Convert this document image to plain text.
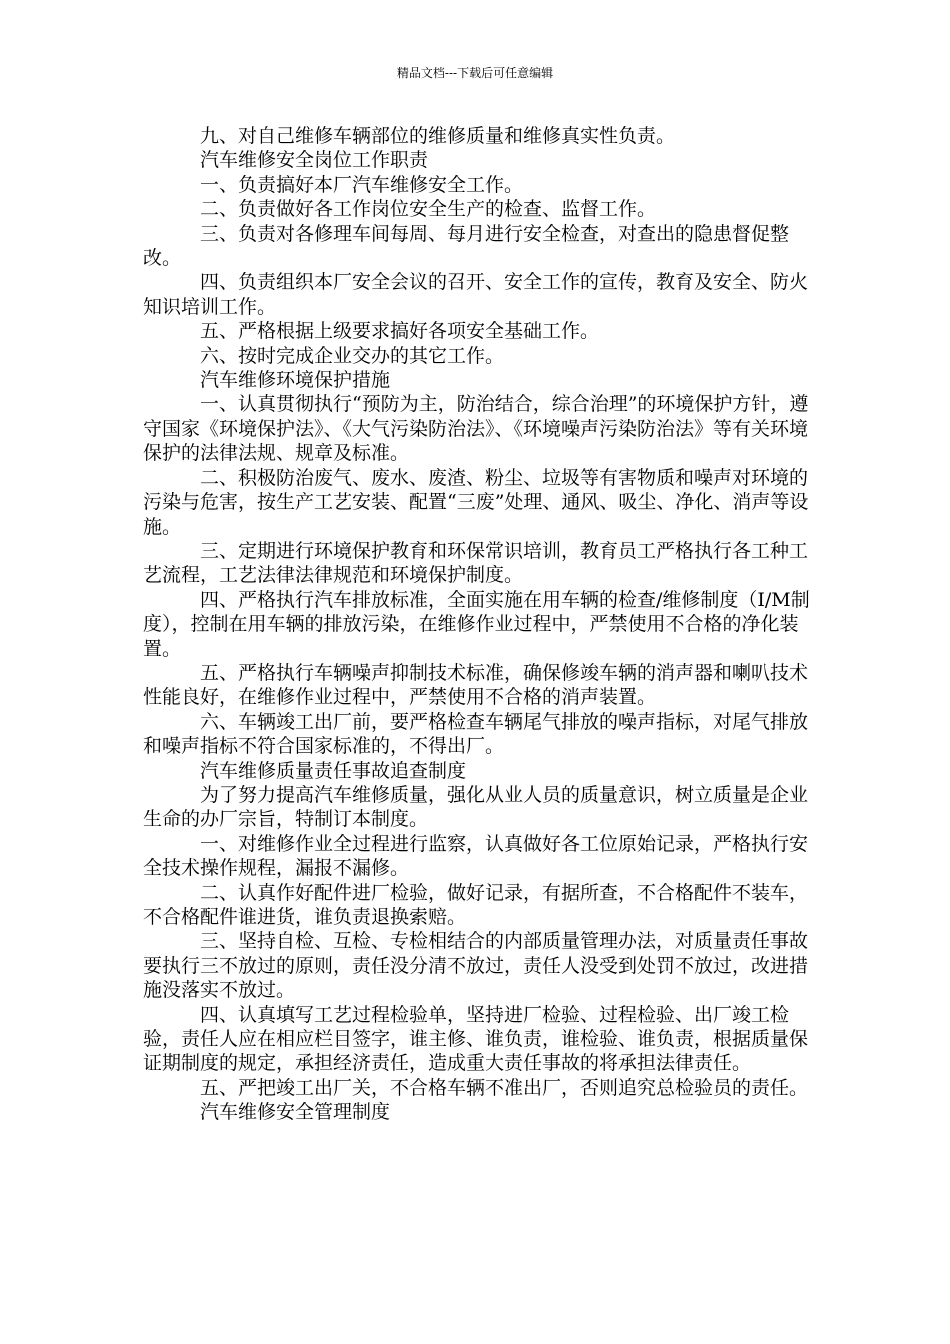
精品文档---下载后可任意编辑

九、对自己维修车辆部位的维修质量和维修真实性负责。

汽车维修安全岗位工作职责

一、负责搞好本厂汽车维修安全工作。

二、负责做好各工作岗位安全生产的检查、监督工作。

三、负责对各修理车间每周、每月进行安全检查，对查出的隐患督促整改。

四、负责组织本厂安全会议的召开、安全工作的宣传，教育及安全、防火知识培训工作。

五、严格根据上级要求搞好各项安全基础工作。

六、按时完成企业交办的其它工作。

汽车维修环境保护措施

一、认真贯彻执行“预防为主，防治结合，综合治理”的环境保护方针，遵守国家《环境保护法》、《大气污染防治法》、《环境噪声污染防治法》等有关环境保护的法律法规、规章及标准。

二、积极防治废气、废水、废渣、粉尘、垃圾等有害物质和噪声对环境的污染与危害，按生产工艺安装、配置“三废”处理、通风、吸尘、净化、消声等设施。

三、定期进行环境保护教育和环保常识培训，教育员工严格执行各工种工艺流程，工艺法律法律规范和环境保护制度。

四、严格执行汽车排放标准，全面实施在用车辆的检查/维修制度（I/M制度），控制在用车辆的排放污染，在维修作业过程中，严禁使用不合格的净化装置。

五、严格执行车辆噪声抑制技术标准，确保修竣车辆的消声器和喇叭技术性能良好，在维修作业过程中，严禁使用不合格的消声装置。

六、车辆竣工出厂前，要严格检查车辆尾气排放的噪声指标，对尾气排放和噪声指标不符合国家标准的，不得出厂。

汽车维修质量责任事故追查制度

为了努力提高汽车维修质量，强化从业人员的质量意识，树立质量是企业生命的办厂宗旨，特制订本制度。

一、对维修作业全过程进行监察，认真做好各工位原始记录，严格执行安全技术操作规程，漏报不漏修。

二、认真作好配件进厂检验，做好记录，有据所查，不合格配件不装车，不合格配件谁进货，谁负责退换索赔。

三、坚持自检、互检、专检相结合的内部质量管理办法，对质量责任事故要执行三不放过的原则，责任没分清不放过，责任人没受到处罚不放过，改进措施没落实不放过。

四、认真填写工艺过程检验单，坚持进厂检验、过程检验、出厂竣工检验，责任人应在相应栏目签字，谁主修、谁负责，谁检验、谁负责，根据质量保证期制度的规定，承担经济责任，造成重大责任事故的将承担法律责任。

五、严把竣工出厂关，不合格车辆不准出厂，否则追究总检验员的责任。

汽车维修安全管理制度
